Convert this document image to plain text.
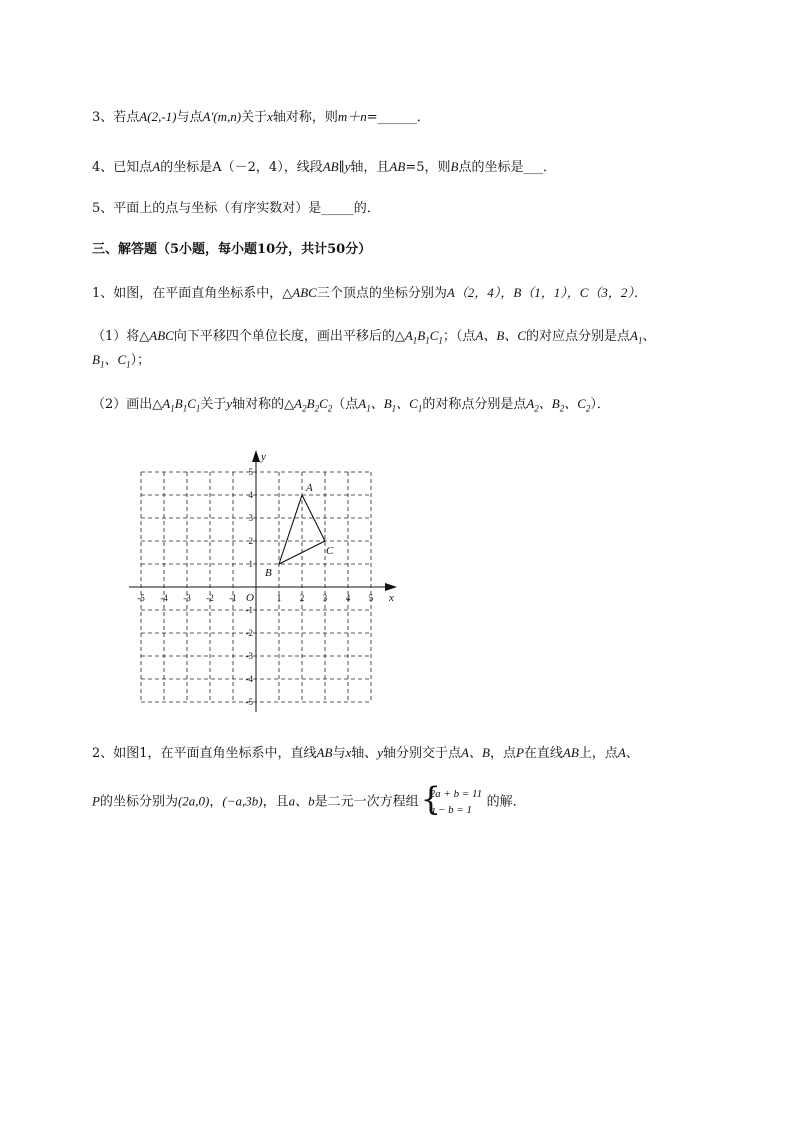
3、若点A(2,-1)与点A′(m,n)关于x轴对称，则m＋n=______．
4、已知点A的坐标是A（－2，4），线段AB∥y轴，且AB=5，则B点的坐标是___．
5、平面上的点与坐标（有序实数对）是_____的．
三、解答题（5小题，每小题10分，共计50分）
1、如图，在平面直角坐标系中，△ABC三个顶点的坐标分别为A（2，4），B（1，1），C（3，2）．
（1）将△ABC向下平移四个单位长度，画出平移后的$\triangle A_1B_1C_1$；（点A、B、C的对应点分别是点$A_1$、
$B_1$、$C_1$）；
（2）画出$\triangle A_1B_1C_1$关于y轴对称的$\triangle A_2B_2C_2$（点$A_1$、$B_1$、$C_1$的对称点分别是点$A_2$、$B_2$、$C_2$）．
x
y
O
-5 -4 -3 -2 -1	1 2 3 4 5
5
4
3
2
1
-1
-2
-3
-4
-5
A
B
C
2、如图1，在平面直角坐标系中，直线AB与x轴、y轴分别交于点A、B，点P在直线AB上，点A、
P的坐标分别为(2a,0)，(−a,3b)，且a、b是二元一次方程组 {
2a + b = 11
a − b = 1
的解．
